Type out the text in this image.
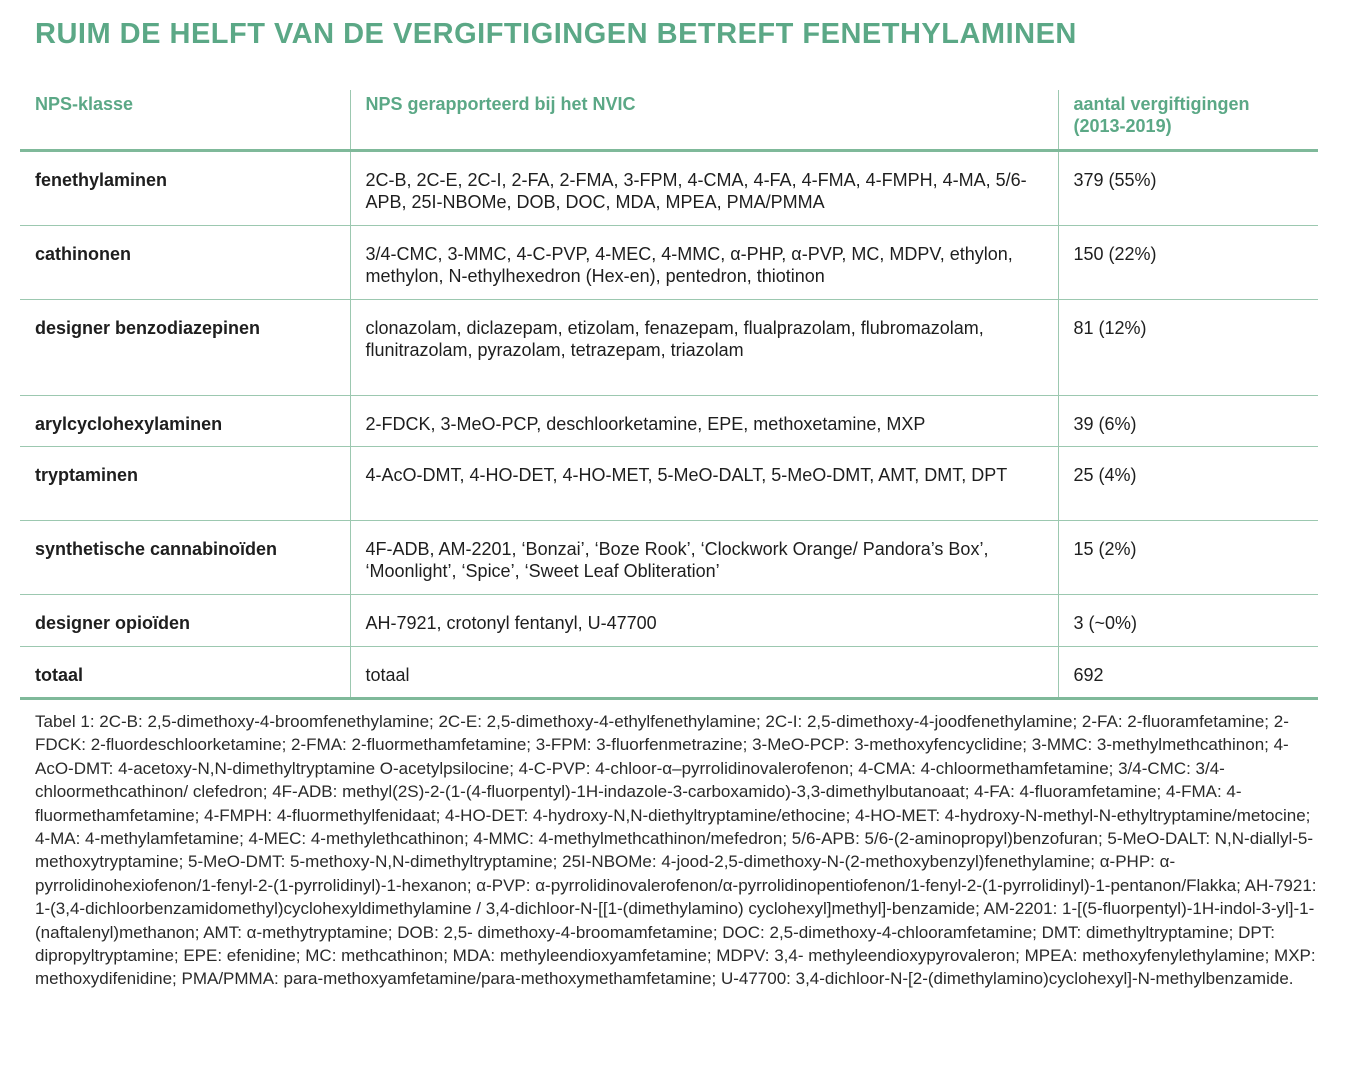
RUIM DE HELFT VAN DE VERGIFTIGINGEN BETREFT FENETHYLAMINEN
NPS-klasse	NPS gerapporteerd bij het NVIC	aantal vergiftigingen (2013-2019)
fenethylaminen	2C-B, 2C-E, 2C-I, 2-FA, 2-FMA, 3-FPM, 4-CMA, 4-FA, 4-FMA, 4-FMPH, 4-MA, 5/6-APB, 25I-NBOMe, DOB, DOC, MDA, MPEA, PMA/PMMA	379 (55%)
cathinonen	3/4-CMC, 3-MMC, 4-C-PVP, 4-MEC, 4-MMC, α-PHP, α-PVP, MC, MDPV, ethylon, methylon, N-ethylhexedron (Hex-en), pentedron, thiotinon	150 (22%)
designer benzodiazepinen	clonazolam, diclazepam, etizolam, fenazepam, flualprazolam, flubromazolam, flunitrazolam, pyrazolam, tetrazepam, triazolam	81 (12%)
arylcyclohexylaminen	2-FDCK, 3-MeO-PCP, deschloorketamine, EPE, methoxetamine, MXP	39 (6%)
tryptaminen	4-AcO-DMT, 4-HO-DET, 4-HO-MET, 5-MeO-DALT, 5-MeO-DMT, AMT, DMT, DPT	25 (4%)
synthetische cannabinoïden	4F-ADB, AM-2201, ‘Bonzai’, ‘Boze Rook’, ‘Clockwork Orange/ Pandora’s Box’, ‘Moonlight’, ‘Spice’, ‘Sweet Leaf Obliteration’	15 (2%)
designer opioïden	AH-7921, crotonyl fentanyl, U-47700	3 (~0%)
totaal	totaal	692
Tabel 1: 2C-B: 2,5-dimethoxy-4-broomfenethylamine; 2C-E: 2,5-dimethoxy-4-ethylfenethylamine; 2C-I: 2,5-dimethoxy-4-joodfenethylamine; 2-FA: 2-fluoramfetamine; 2-FDCK: 2-fluordeschloorketamine; 2-FMA: 2-fluormethamfetamine; 3-FPM: 3-fluorfenmetrazine; 3-MeO-PCP: 3-methoxyfencyclidine; 3-MMC: 3-methylmethcathinon; 4-AcO-DMT: 4-acetoxy-N,N-dimethyltryptamine O-acetylpsilocine; 4-C-PVP: 4-chloor-α–pyrrolidinovalerofenon; 4-CMA: 4-chloormethamfetamine; 3/4-CMC: 3/4-chloormethcathinon/ clefedron; 4F-ADB: methyl(2S)-2-(1-(4-fluorpentyl)-1H-indazole-3-carboxamido)-3,3-dimethylbutanoaat; 4-FA: 4-fluoramfetamine; 4-FMA: 4-fluormethamfetamine; 4-FMPH: 4-fluormethylfenidaat; 4-HO-DET: 4-hydroxy-N,N-diethyltryptamine/ethocine; 4-HO-MET: 4-hydroxy-N-methyl-N-ethyltryptamine/metocine; 4-MA: 4-methylamfetamine; 4-MEC: 4-methylethcathinon; 4-MMC: 4-methylmethcathinon/mefedron; 5/6-APB: 5/6-(2-aminopropyl)benzofuran; 5-MeO-DALT: N,N-diallyl-5-methoxytryptamine; 5-MeO-DMT: 5-methoxy-N,N-dimethyltryptamine; 25I-NBOMe: 4-jood-2,5-dimethoxy-N-(2-methoxybenzyl)fenethylamine; α-PHP: α-pyrrolidinohexiofenon/1-fenyl-2-(1-pyrrolidinyl)-1-hexanon; α-PVP: α-pyrrolidinovalerofenon/α-pyrrolidinopentiofenon/1-fenyl-2-(1-pyrrolidinyl)-1-pentanon/Flakka; AH-7921: 1-(3,4-dichloorbenzamidomethyl)cyclohexyldimethylamine / 3,4-dichloor-N-[[1-(dimethylamino) cyclohexyl]methyl]-benzamide; AM-2201: 1-[(5-fluorpentyl)-1H-indol-3-yl]-1-(naftalenyl)methanon; AMT: α-methytryptamine; DOB: 2,5- dimethoxy-4-broomamfetamine; DOC: 2,5-dimethoxy-4-chlooramfetamine; DMT: dimethyltryptamine; DPT:
dipropyltryptamine; EPE: efenidine; MC: methcathinon; MDA: methyleendioxyamfetamine; MDPV: 3,4- methyleendioxypyrovaleron; MPEA: methoxyfenylethylamine; MXP: methoxydifenidine; PMA/PMMA: para-methoxyamfetamine/para-methoxymethamfetamine; U-47700: 3,4-dichloor-N-[2-(dimethylamino)cyclohexyl]-N-methylbenzamide.
